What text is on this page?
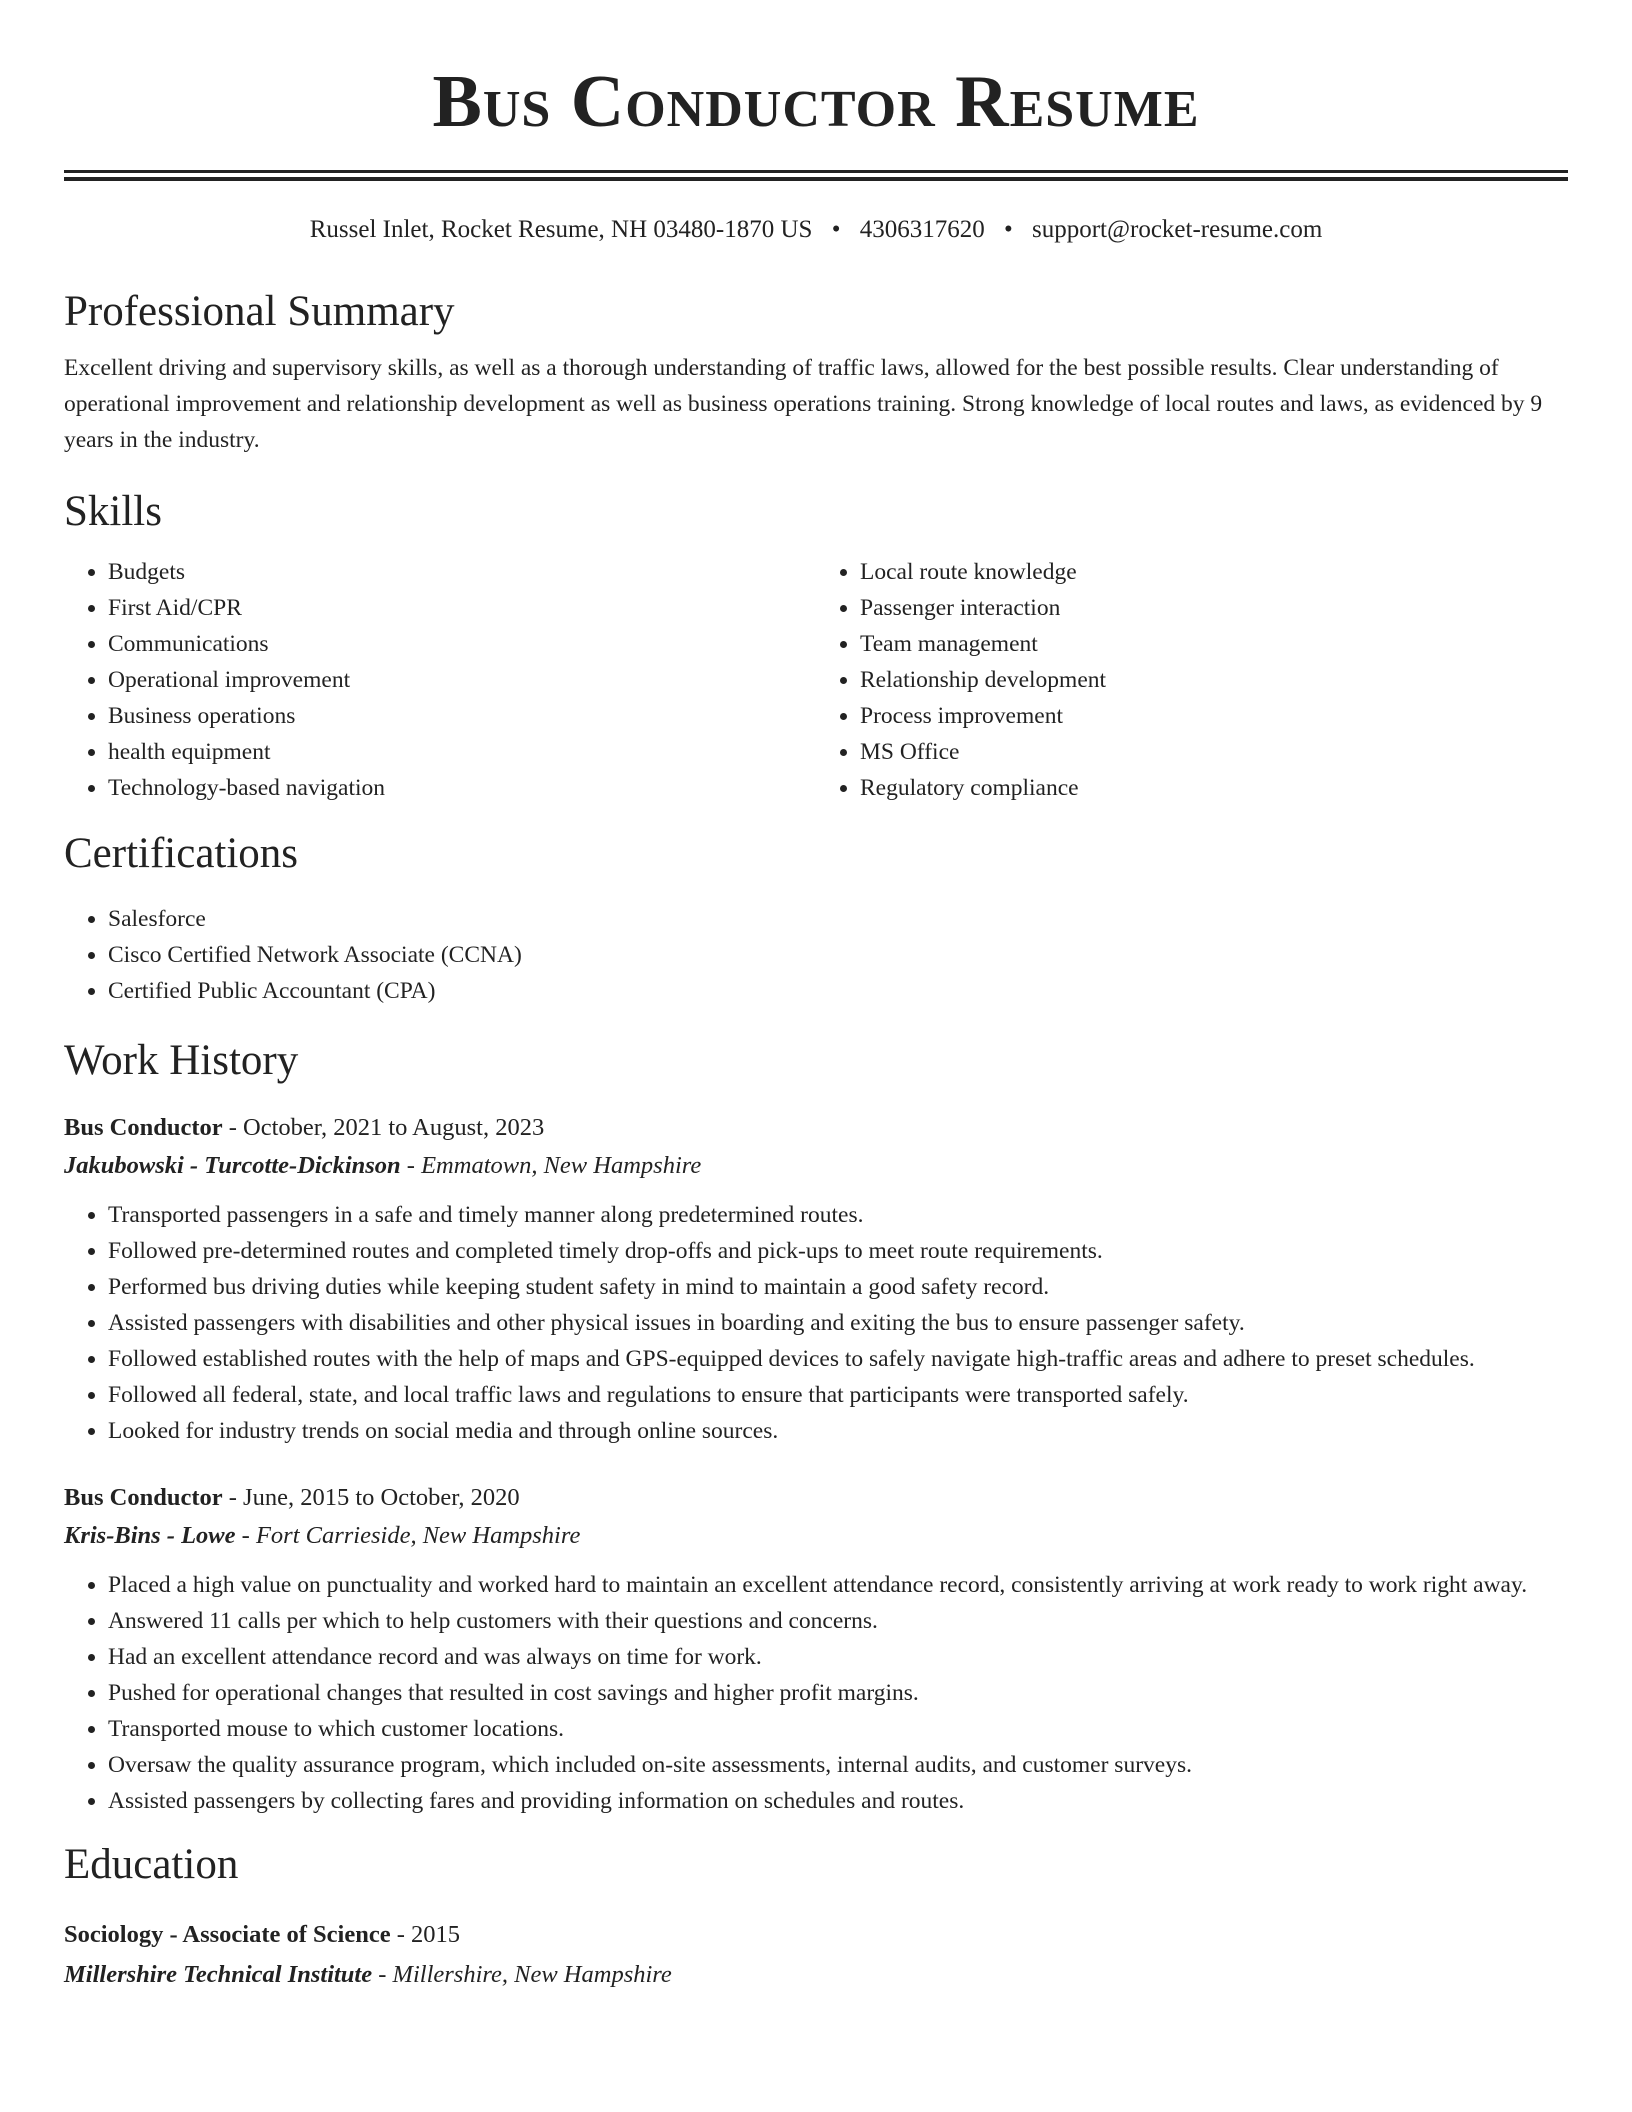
Bus Conductor Resume
Russel Inlet, Rocket Resume, NH 03480-1870 US • 4306317620 • support@rocket-resume.com
Professional Summary

Excellent driving and supervisory skills, as well as a thorough understanding of traffic laws, allowed for the best possible results. Clear understanding of operational improvement and relationship development as well as business operations training. Strong knowledge of local routes and laws, as evidenced by 9 years in the industry.

Skills
• Budgets
• First Aid/CPR
• Communications
• Operational improvement
• Business operations
• health equipment
• Technology-based navigation
• Local route knowledge
• Passenger interaction
• Team management
• Relationship development
• Process improvement
• MS Office
• Regulatory compliance
Certifications
• Salesforce
• Cisco Certified Network Associate (CCNA)
• Certified Public Accountant (CPA)
Work History
Bus Conductor - October, 2021 to August, 2023
Jakubowski - Turcotte-Dickinson - Emmatown, New Hampshire
• Transported passengers in a safe and timely manner along predetermined routes.
• Followed pre-determined routes and completed timely drop-offs and pick-ups to meet route requirements.
• Performed bus driving duties while keeping student safety in mind to maintain a good safety record.
• Assisted passengers with disabilities and other physical issues in boarding and exiting the bus to ensure passenger safety.
• Followed established routes with the help of maps and GPS-equipped devices to safely navigate high-traffic areas and adhere to preset schedules.
• Followed all federal, state, and local traffic laws and regulations to ensure that participants were transported safely.
• Looked for industry trends on social media and through online sources.
Bus Conductor - June, 2015 to October, 2020
Kris-Bins - Lowe - Fort Carrieside, New Hampshire
• Placed a high value on punctuality and worked hard to maintain an excellent attendance record, consistently arriving at work ready to work right away.
• Answered 11 calls per which to help customers with their questions and concerns.
• Had an excellent attendance record and was always on time for work.
• Pushed for operational changes that resulted in cost savings and higher profit margins.
• Transported mouse to which customer locations.
• Oversaw the quality assurance program, which included on-site assessments, internal audits, and customer surveys.
• Assisted passengers by collecting fares and providing information on schedules and routes.
Education
Sociology - Associate of Science - 2015
Millershire Technical Institute - Millershire, New Hampshire
